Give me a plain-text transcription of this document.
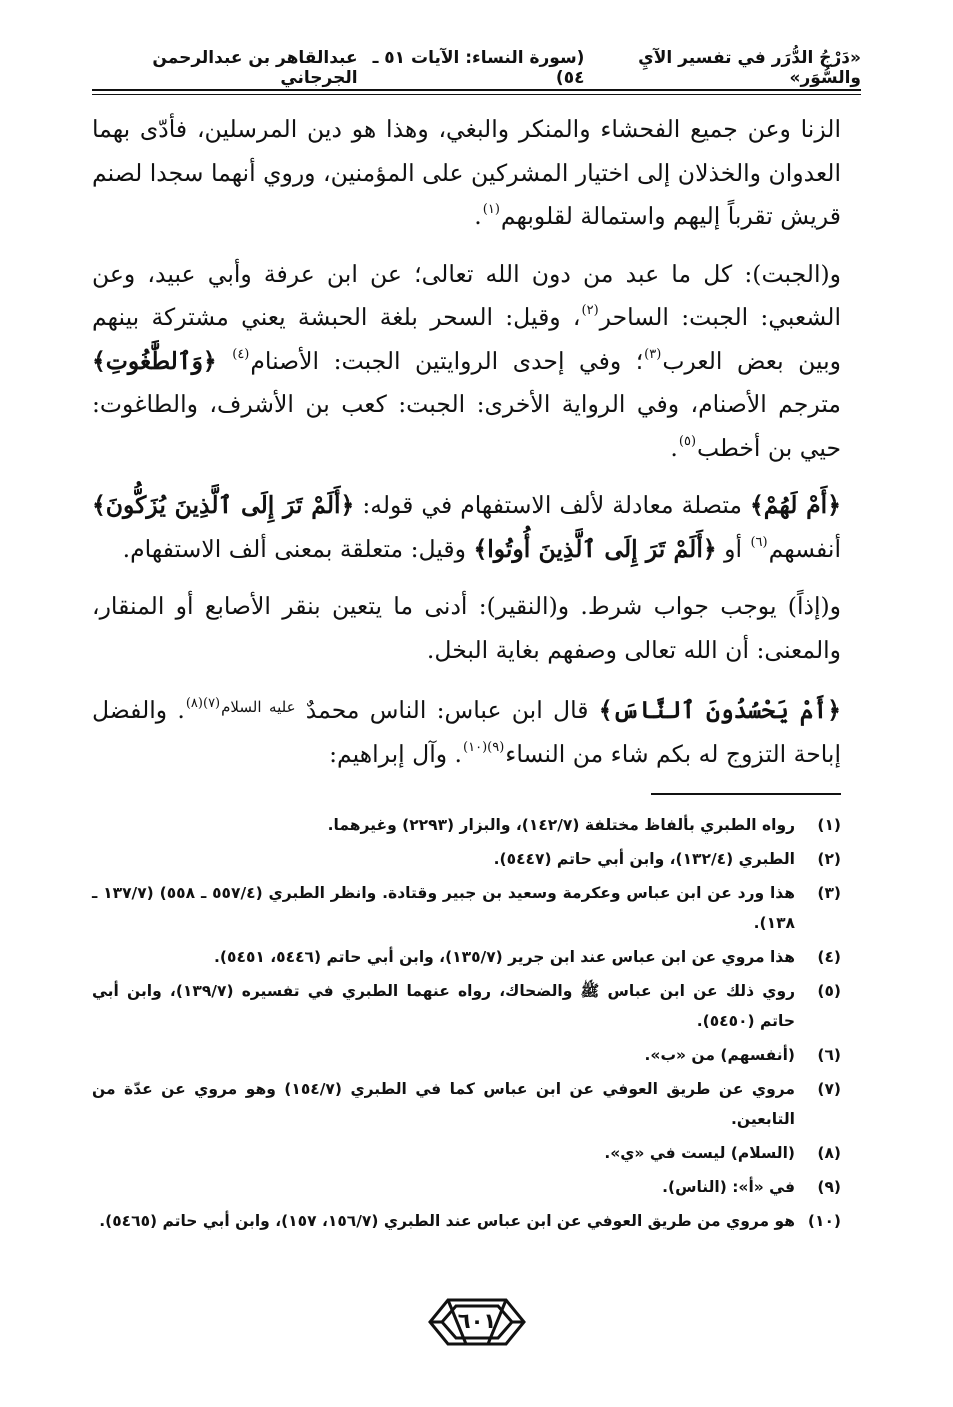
«دَرْجُ الدُّرَر في تفسير الآيِ والسُّوَر»
(سورة النساء: الآيات ٥١ ـ ٥٤)
عبدالقاهر بن عبدالرحمن الجرجاني

الزنا وعن جميع الفحشاء والمنكر والبغي، وهذا هو دين المرسلين، فأدّى بهما العدوان والخذلان إلى اختيار المشركين على المؤمنين، وروي أنهما سجدا لصنم قريش تقرباً إليهم واستمالة لقلوبهم$^{(١)}$.

و(الجبت): كل ما عبد من دون الله تعالى؛ عن ابن عرفة وأبي عبيد، وعن الشعبي: الجبت: الساحر$^{(٢)}$، وقيل: السحر بلغة الحبشة يعني مشتركة بينهم وبين بعض العرب$^{(٣)}$؛ وفي إحدى الروايتين الجبت: الأصنام$^{(٤)}$ ﴿وَٱلطَّٰغُوتِ﴾ مترجم الأصنام، وفي الرواية الأخرى: الجبت: كعب بن الأشرف، والطاغوت: حيي بن أخطب$^{(٥)}$.

﴿أَمْ لَهُمْ﴾ متصلة معادلة لألف الاستفهام في قوله: ﴿أَلَمْ تَرَ إِلَى ٱلَّذِينَ يُزَكُّونَ﴾ أنفسهم$^{(٦)}$ أو ﴿أَلَمْ تَرَ إِلَى ٱلَّذِينَ أُوتُوا﴾ وقيل: متعلقة بمعنى ألف الاستفهام.

و(إذاً) يوجب جواب شرط. و(النقير): أدنى ما يتعين بنقر الأصابع أو المنقار، والمعنى: أن الله تعالى وصفهم بغاية البخل.

﴿أَمْ يَحْسُدُونَ ٱلنَّاسَ﴾ قال ابن عباس: الناس محمدٌ $^{عليه السلام(٧)(٨)}$. والفضل إباحة التزوج له بكم شاء من النساء$^{(٩)(١٠)}$. وآل إبراهيم:

(١)
رواه الطبري بألفاظ مختلفة (١٤٢/٧)، والبزار (٢٢٩٣) وغيرهما.
(٢)
الطبري (١٣٢/٤)، وابن أبي حاتم (٥٤٤٧).
(٣)
هذا ورد عن ابن عباس وعكرمة وسعيد بن جبير وقتادة. وانظر الطبري (٥٥٧/٤ ـ ٥٥٨) (١٣٧/٧ ـ ١٣٨).
(٤)
هذا مروي عن ابن عباس عند ابن جرير (١٣٥/٧)، وابن أبي حاتم (٥٤٤٦، ٥٤٥١).
(٥)
روي ذلك عن ابن عباس ﷺ والضحاك، رواه عنهما الطبري في تفسيره (١٣٩/٧)، وابن أبي حاتم (٥٤٥٠).
(٦)
(أنفسهم) من «ب».
(٧)
مروي عن طريق العوفي عن ابن عباس كما في الطبري (١٥٤/٧) وهو مروي عن عدّة من التابعين.
(٨)
(السلام) ليست في «ي».
(٩)
في «أ»: (الناس).
(١٠)
هو مروي من طريق العوفي عن ابن عباس عند الطبري (١٥٦/٧، ١٥٧)، وابن أبي حاتم (٥٤٦٥).
٦٠١
